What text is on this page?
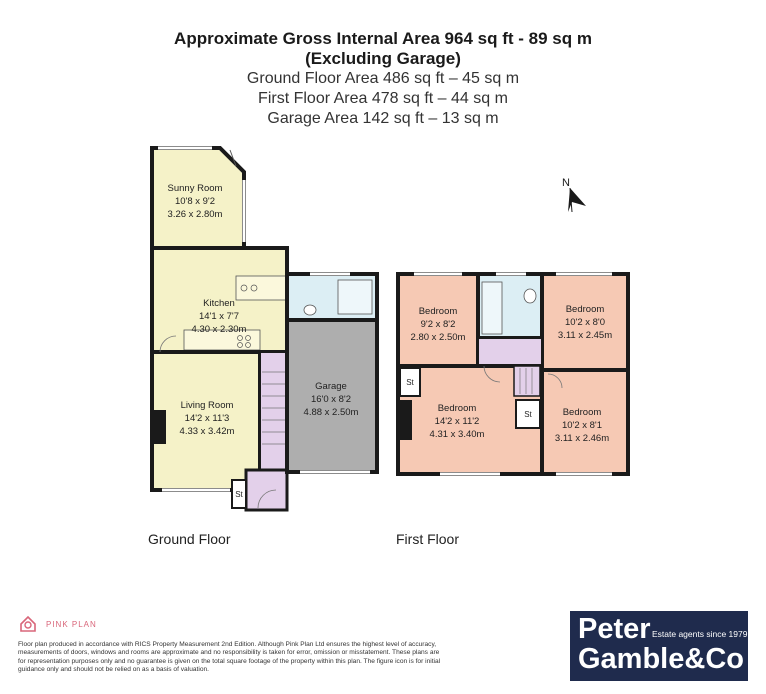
Approximate Gross Internal Area 964 sq ft - 89 sq m
(Excluding Garage)
Ground Floor Area 486 sq ft – 45 sq m
First Floor Area 478 sq ft – 44 sq m
Garage Area 142 sq ft – 13 sq m
Sunny Room
10'8 x 9'2
3.26 x 2.80m
Kitchen
14'1 x 7'7
4.30 x 2.30m
Living Room
14'2 x 11'3
4.33 x 3.42m
Garage
16'0 x 8'2
4.88 x 2.50m
St
Bedroom
9'2 x 8'2
2.80 x 2.50m
Bedroom
10'2 x 8'0
3.11 x 2.45m
Bedroom
14'2 x 11'2
4.31 x 3.40m
Bedroom
10'2 x 8'1
3.11 x 2.46m
St
St
N
Ground Floor	First Floor
PINK PLAN
Floor plan produced in accordance with RICS Property Measurement 2nd Edition. Although Pink Plan Ltd ensures the highest level of accuracy, measurements of doors, windows and rooms are approximate and no responsibility is taken for error, omission or misstatement. These plans are for representation purposes only and no guarantee is given on the total square footage of the property within this plan. The figure icon is for initial guidance only and should not be relied on as a basis of valuation.
Peter Estate agents since 1979
Gamble&Co
